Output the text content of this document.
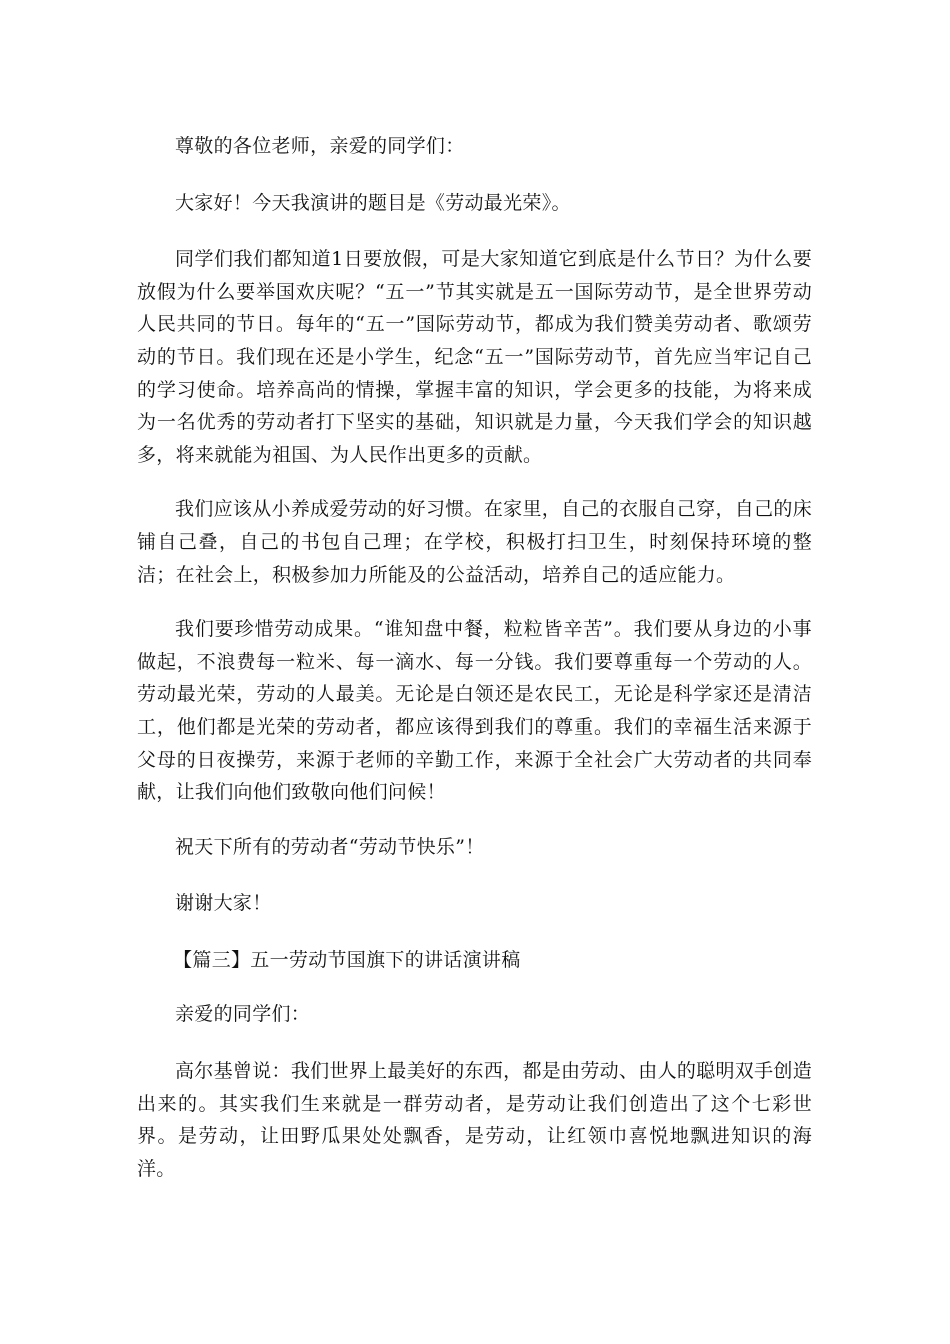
尊敬的各位老师，亲爱的同学们：

大家好！今天我演讲的题目是《劳动最光荣》。

同学们我们都知道1日要放假，可是大家知道它到底是什么节日？为什么要放假为什么要举国欢庆呢？“五一”节其实就是五一国际劳动节，是全世界劳动人民共同的节日。每年的“五一”国际劳动节，都成为我们赞美劳动者、歌颂劳动的节日。我们现在还是小学生，纪念“五一”国际劳动节，首先应当牢记自己的学习使命。培养高尚的情操，掌握丰富的知识，学会更多的技能，为将来成为一名优秀的劳动者打下坚实的基础，知识就是力量，今天我们学会的知识越多，将来就能为祖国、为人民作出更多的贡献。

我们应该从小养成爱劳动的好习惯。在家里，自己的衣服自己穿，自己的床铺自己叠，自己的书包自己理；在学校，积极打扫卫生，时刻保持环境的整洁；在社会上，积极参加力所能及的公益活动，培养自己的适应能力。

我们要珍惜劳动成果。“谁知盘中餐，粒粒皆辛苦”。我们要从身边的小事做起，不浪费每一粒米、每一滴水、每一分钱。我们要尊重每一个劳动的人。劳动最光荣，劳动的人最美。无论是白领还是农民工，无论是科学家还是清洁工，他们都是光荣的劳动者，都应该得到我们的尊重。我们的幸福生活来源于父母的日夜操劳，来源于老师的辛勤工作，来源于全社会广大劳动者的共同奉献，让我们向他们致敬向他们问候！

祝天下所有的劳动者“劳动节快乐”！

谢谢大家！

【篇三】五一劳动节国旗下的讲话演讲稿

亲爱的同学们：

高尔基曾说：我们世界上最美好的东西，都是由劳动、由人的聪明双手创造出来的。其实我们生来就是一群劳动者，是劳动让我们创造出了这个七彩世界。是劳动，让田野瓜果处处飘香，是劳动，让红领巾喜悦地飘进知识的海洋。
